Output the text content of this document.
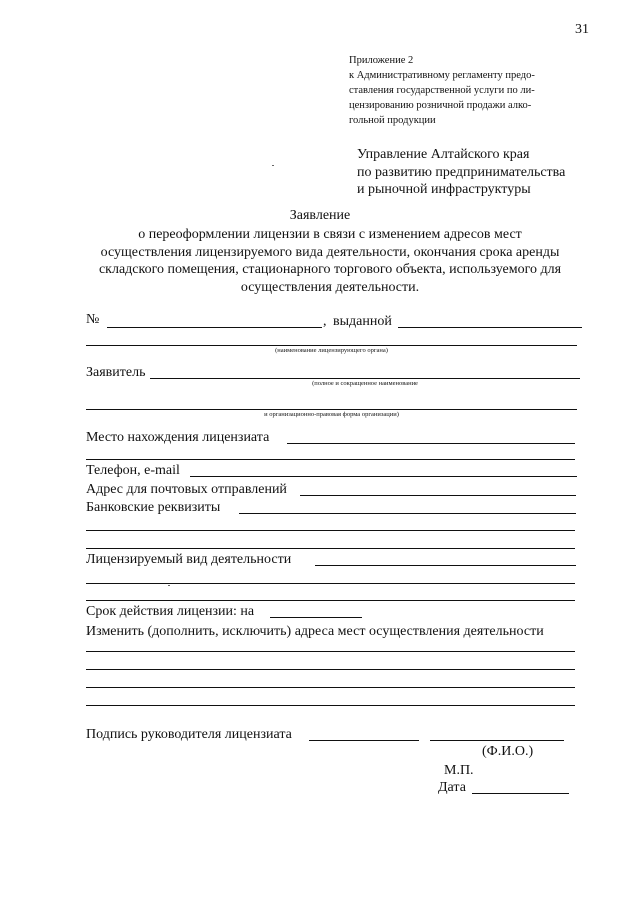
31
Приложение 2
к Административному регламенту предо-
ставления государственной услуги по ли-
цензированию розничной продажи алко-
гольной продукции
Управление Алтайского края
по развитию предпринимательства
и рыночной инфраструктуры
Заявление
о переоформлении лицензии в связи с изменением адресов мест
осуществления лицензируемого вида деятельности, окончания срока аренды
складского помещения, стационарного торгового объекта, используемого для
осуществления деятельности.
№	, выданной
(наименование лицензирующего органа)
Заявитель
(полное и сокращенное наименование
и организационно-правовая форма организации)
Место нахождения лицензиата
Телефон, e-mail
Адрес для почтовых отправлений
Банковские реквизиты
Лицензируемый вид деятельности
Срок действия лицензии: на
Изменить (дополнить, исключить) адреса мест осуществления деятельности
Подпись руководителя лицензиата
(Ф.И.О.)
М.П.
Дата
